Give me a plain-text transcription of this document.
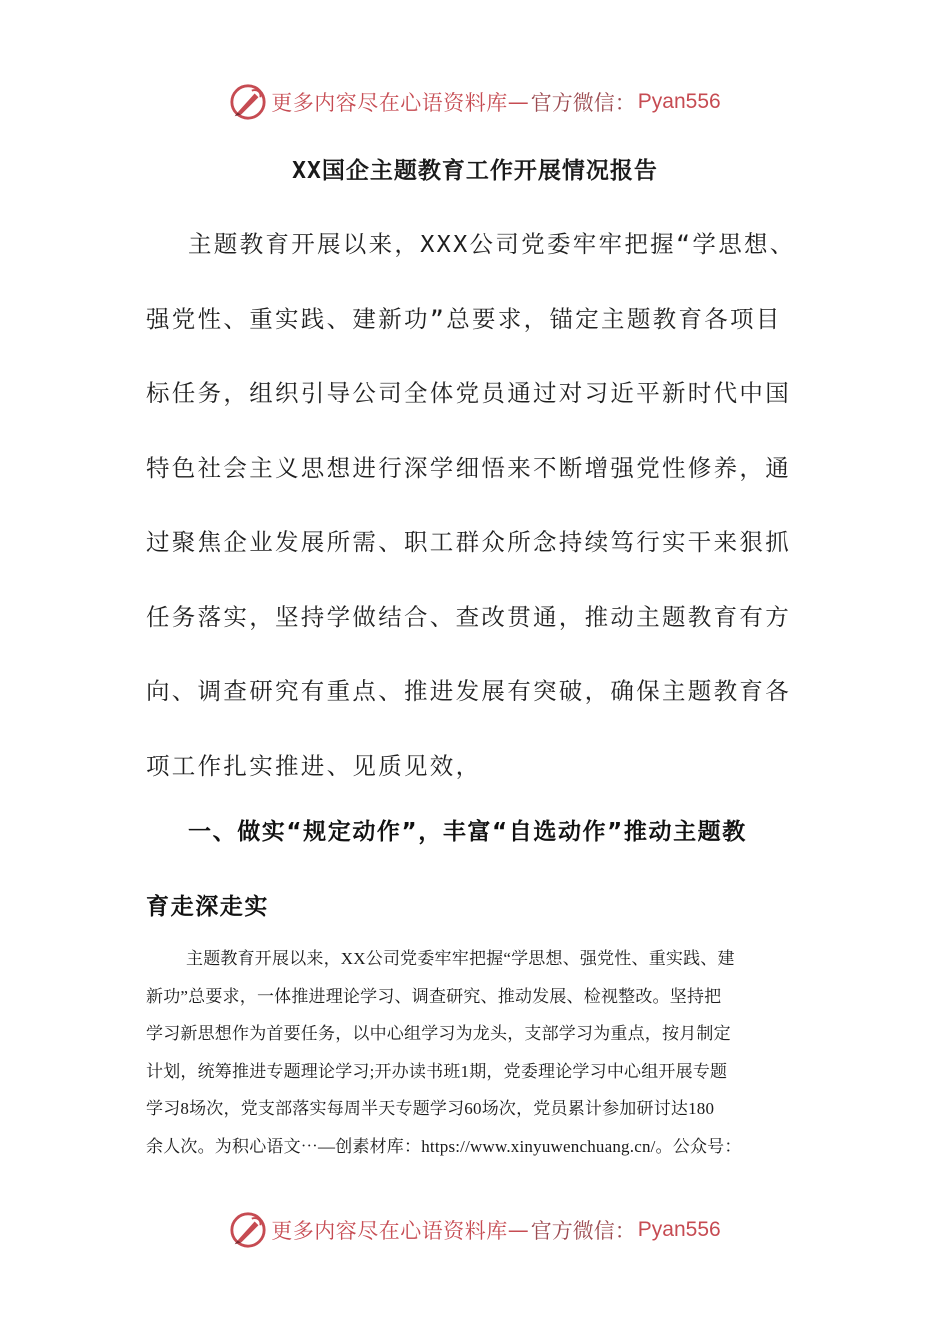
更多内容尽在心语资料库 — 官方微信： Pyan556
XX国企主题教育工作开展情况报告
主题教育开展以来，XXX公司党委牢牢把握“学思想、
强党性、重实践、建新功”总要求，锚定主题教育各项目
标任务，组织引导公司全体党员通过对习近平新时代中国
特色社会主义思想进行深学细悟来不断增强党性修养，通
过聚焦企业发展所需、职工群众所念持续笃行实干来狠抓
任务落实，坚持学做结合、查改贯通，推动主题教育有方
向、调查研究有重点、推进发展有突破，确保主题教育各
项工作扎实推进、见质见效，
一、做实“规定动作”，丰富“自选动作”推动主题教
育走深走实
主题教育开展以来，XX公司党委牢牢把握“学思想、强党性、重实践、建
新功”总要求，一体推进理论学习、调查研究、推动发展、检视整改。坚持把
学习新思想作为首要任务，以中心组学习为龙头，支部学习为重点，按月制定
计划，统筹推进专题理论学习;开办读书班1期，党委理论学习中心组开展专题
学习8场次，党支部落实每周半天专题学习60场次，党员累计参加研讨达180
余人次。为积心语文⋯—创素材库：https://www.xinyuwenchuang.cn/。公众号：
更多内容尽在心语资料库 — 官方微信： Pyan556
